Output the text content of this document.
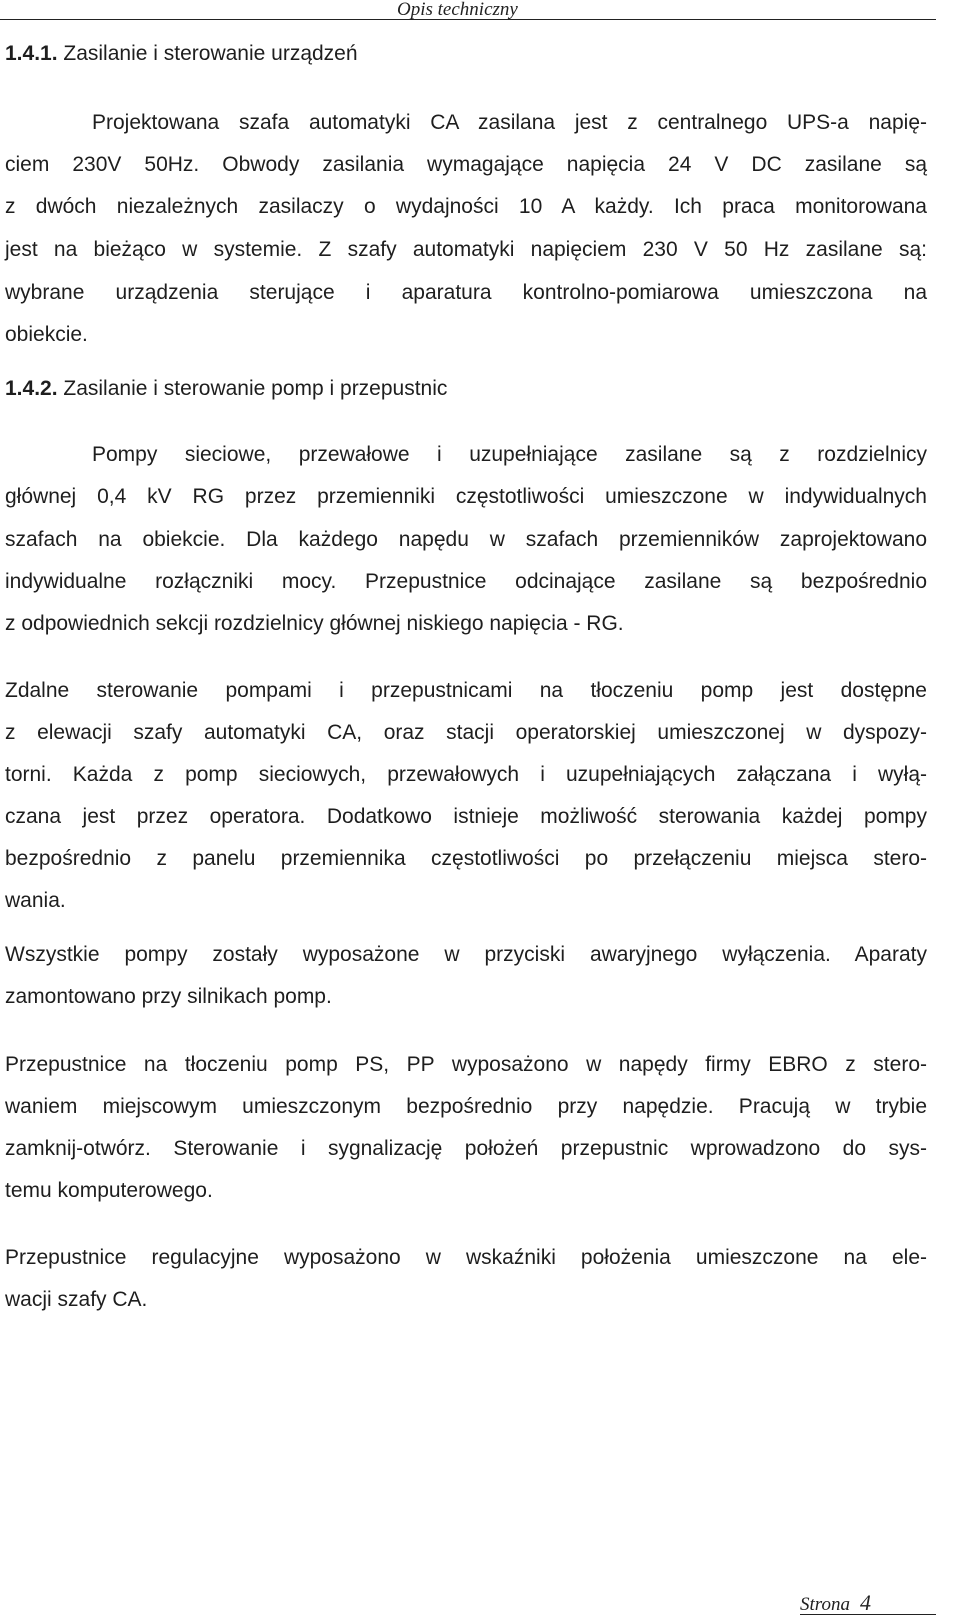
Opis techniczny
1.4.1. Zasilanie i sterowanie urządzeń
Projektowana szafa automatyki CA zasilana jest z centralnego UPS-a napię-
ciem 230V 50Hz. Obwody zasilania wymagające napięcia 24 V DC zasilane są
z dwóch niezależnych zasilaczy o wydajności 10 A każdy. Ich praca monitorowana
jest na bieżąco w systemie. Z szafy automatyki napięciem 230 V 50 Hz zasilane są:
wybrane urządzenia sterujące i aparatura kontrolno-pomiarowa umieszczona na
obiekcie.
1.4.2. Zasilanie i sterowanie pomp i przepustnic
Pompy sieciowe, przewałowe i uzupełniające zasilane są z rozdzielnicy
głównej 0,4 kV RG przez przemienniki częstotliwości umieszczone w indywidualnych
szafach na obiekcie. Dla każdego napędu w szafach przemienników zaprojektowano
indywidualne rozłączniki mocy. Przepustnice odcinające zasilane są bezpośrednio
z odpowiednich sekcji rozdzielnicy głównej niskiego napięcia - RG.
Zdalne sterowanie pompami i przepustnicami na tłoczeniu pomp jest dostępne
z elewacji szafy automatyki CA, oraz stacji operatorskiej umieszczonej w dyspozy-
torni. Każda z pomp sieciowych, przewałowych i uzupełniających załączana i wyłą-
czana jest przez operatora. Dodatkowo istnieje możliwość sterowania każdej pompy
bezpośrednio z panelu przemiennika częstotliwości po przełączeniu miejsca stero-
wania.
Wszystkie pompy zostały wyposażone w przyciski awaryjnego wyłączenia. Aparaty
zamontowano przy silnikach pomp.
Przepustnice na tłoczeniu pomp PS, PP wyposażono w napędy firmy EBRO z stero-
waniem miejscowym umieszczonym bezpośrednio przy napędzie. Pracują w trybie
zamknij-otwórz. Sterowanie i sygnalizację położeń przepustnic wprowadzono do sys-
temu komputerowego.
Przepustnice regulacyjne wyposażono w wskaźniki położenia umieszczone na ele-
wacji szafy CA.
Strona 4
